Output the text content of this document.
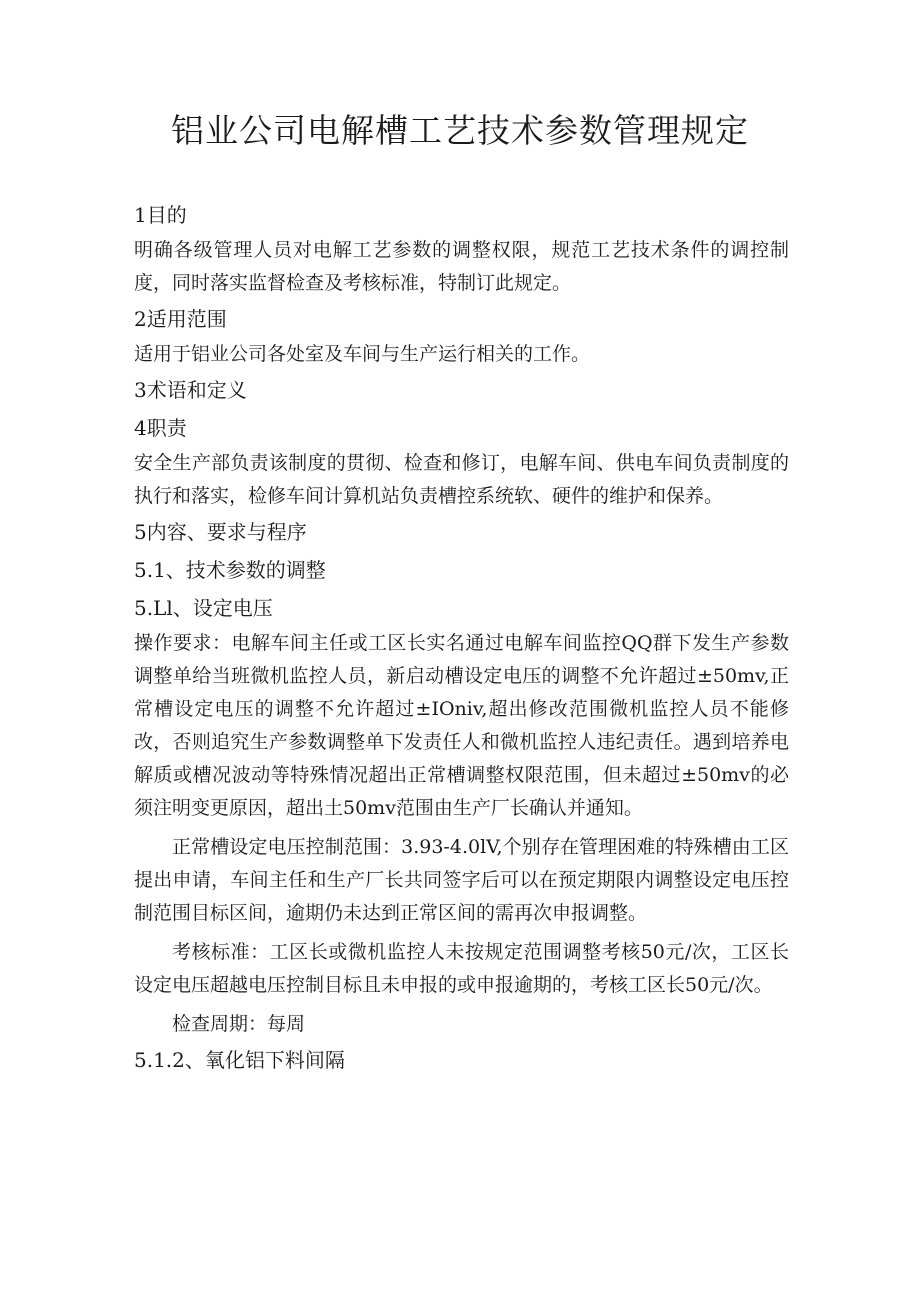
铝业公司电解槽工艺技术参数管理规定

1目的

明确各级管理人员对电解工艺参数的调整权限，规范工艺技术条件的调控制度，同时落实监督检查及考核标准，特制订此规定。

2适用范围

适用于铝业公司各处室及车间与生产运行相关的工作。

3术语和定义

4职责

安全生产部负责该制度的贯彻、检查和修订，电解车间、供电车间负责制度的执行和落实，检修车间计算机站负责槽控系统软、硬件的维护和保养。

5内容、要求与程序

5.1、技术参数的调整

5.Ll、设定电压

操作要求：电解车间主任或工区长实名通过电解车间监控QQ群下发生产参数调整单给当班微机监控人员，新启动槽设定电压的调整不允许超过±50mv,正常槽设定电压的调整不允许超过±IOniv,超出修改范围微机监控人员不能修改，否则追究生产参数调整单下发责任人和微机监控人违纪责任。遇到培养电解质或槽况波动等特殊情况超出正常槽调整权限范围，但未超过±50mv的必须注明变更原因，超出土50mv范围由生产厂长确认并通知。

正常槽设定电压控制范围：3.93-4.0lV,个别存在管理困难的特殊槽由工区提出申请，车间主任和生产厂长共同签字后可以在预定期限内调整设定电压控制范围目标区间，逾期仍未达到正常区间的需再次申报调整。

考核标准：工区长或微机监控人未按规定范围调整考核50元/次，工区长设定电压超越电压控制目标且未申报的或申报逾期的，考核工区长50元/次。

检查周期：每周

5.1.2、氧化铝下料间隔
